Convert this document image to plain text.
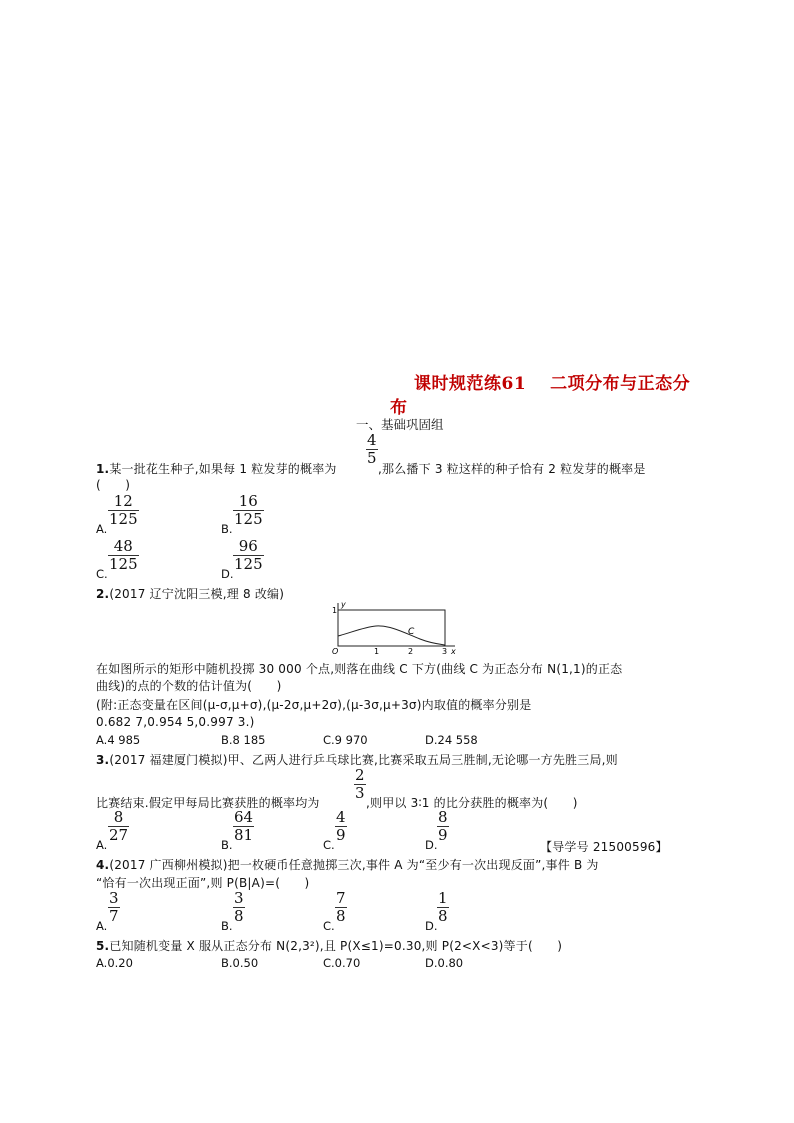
课时规范练61　 二项分布与正态分
布
一、基础巩固组
4
5
1.某一批花生种子,如果每 1 粒发芽的概率为	,那么播下 3 粒这样的种子恰有 2 粒发芽的概率是
(　　)
A.
12
125
B.
16
125
C.
48
125
D.
96
125
2.(2017 辽宁沈阳三模,理 8 改编)
y
1
O	1	2	3 x
C
在如图所示的矩形中随机投掷 30 000 个点,则落在曲线 C 下方(曲线 C 为正态分布 N(1,1)的正态
曲线)的点的个数的估计值为(　　)
(附:正态变量在区间(μ-σ,μ+σ),(μ-2σ,μ+2σ),(μ-3σ,μ+3σ)内取值的概率分别是
0.682 7,0.954 5,0.997 3.)
A.4 985	B.8 185	C.9 970	D.24 558
3.(2017 福建厦门模拟)甲、乙两人进行乒乓球比赛,比赛采取五局三胜制,无论哪一方先胜三局,则
2
3
比赛结束.假定甲每局比赛获胜的概率均为	,则甲以 3∶1 的比分获胜的概率为(　　)
A.
8
27
B.
64
81
C.
4
9
D.
8
9
【导学号 21500596】
4.(2017 广西柳州模拟)把一枚硬币任意抛掷三次,事件 A 为“至少有一次出现反面”,事件 B 为
“恰有一次出现正面”,则 P(B|A)=(　　)
A.
3
7
B.
3
8
C.
7
8
D.
1
8
5.已知随机变量 X 服从正态分布 N(2,3²),且 P(X≤1)=0.30,则 P(2<X<3)等于(　　)
A.0.20	B.0.50	C.0.70	D.0.80
